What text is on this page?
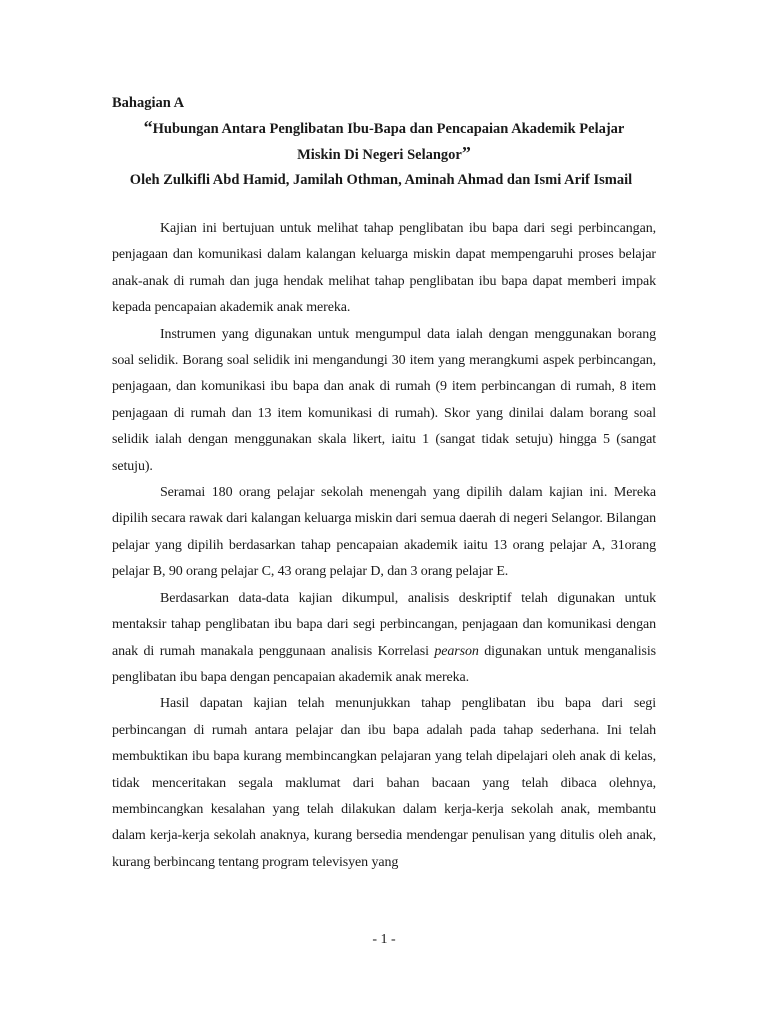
Bahagian A

“Hubungan Antara Penglibatan Ibu-Bapa dan Pencapaian Akademik Pelajar
Miskin Di Negeri Selangor”

Oleh Zulkifli Abd Hamid, Jamilah Othman, Aminah Ahmad dan Ismi Arif Ismail

Kajian ini bertujuan untuk melihat tahap penglibatan ibu bapa dari segi perbincangan, penjagaan dan komunikasi dalam kalangan keluarga miskin dapat mempengaruhi proses belajar anak-anak di rumah dan juga hendak melihat tahap penglibatan ibu bapa dapat memberi impak kepada pencapaian akademik anak mereka.

Instrumen yang digunakan untuk mengumpul data ialah dengan menggunakan borang soal selidik. Borang soal selidik ini mengandungi 30 item yang merangkumi aspek perbincangan, penjagaan, dan komunikasi ibu bapa dan anak di rumah (9 item perbincangan di rumah, 8 item penjagaan di rumah dan 13 item komunikasi di rumah). Skor yang dinilai dalam borang soal selidik ialah dengan menggunakan skala likert, iaitu 1 (sangat tidak setuju) hingga 5 (sangat setuju).

Seramai 180 orang pelajar sekolah menengah yang dipilih dalam kajian ini. Mereka dipilih secara rawak dari kalangan keluarga miskin dari semua daerah di negeri Selangor. Bilangan pelajar yang dipilih berdasarkan tahap pencapaian akademik iaitu 13 orang pelajar A, 31orang pelajar B, 90 orang pelajar C, 43 orang pelajar D, dan 3 orang pelajar E.

Berdasarkan data-data kajian dikumpul, analisis deskriptif telah digunakan untuk mentaksir tahap penglibatan ibu bapa dari segi perbincangan, penjagaan dan komunikasi dengan anak di rumah manakala penggunaan analisis Korrelasi pearson digunakan untuk menganalisis penglibatan ibu bapa dengan pencapaian akademik anak mereka.

Hasil dapatan kajian telah menunjukkan tahap penglibatan ibu bapa dari segi perbincangan di rumah antara pelajar dan ibu bapa adalah pada tahap sederhana. Ini telah membuktikan ibu bapa kurang membincangkan pelajaran yang telah dipelajari oleh anak di kelas, tidak menceritakan segala maklumat dari bahan bacaan yang telah dibaca olehnya, membincangkan kesalahan yang telah dilakukan dalam kerja-kerja sekolah anak, membantu dalam kerja-kerja sekolah anaknya, kurang bersedia mendengar penulisan yang ditulis oleh anak, kurang berbincang tentang program televisyen yang

- 1 -
